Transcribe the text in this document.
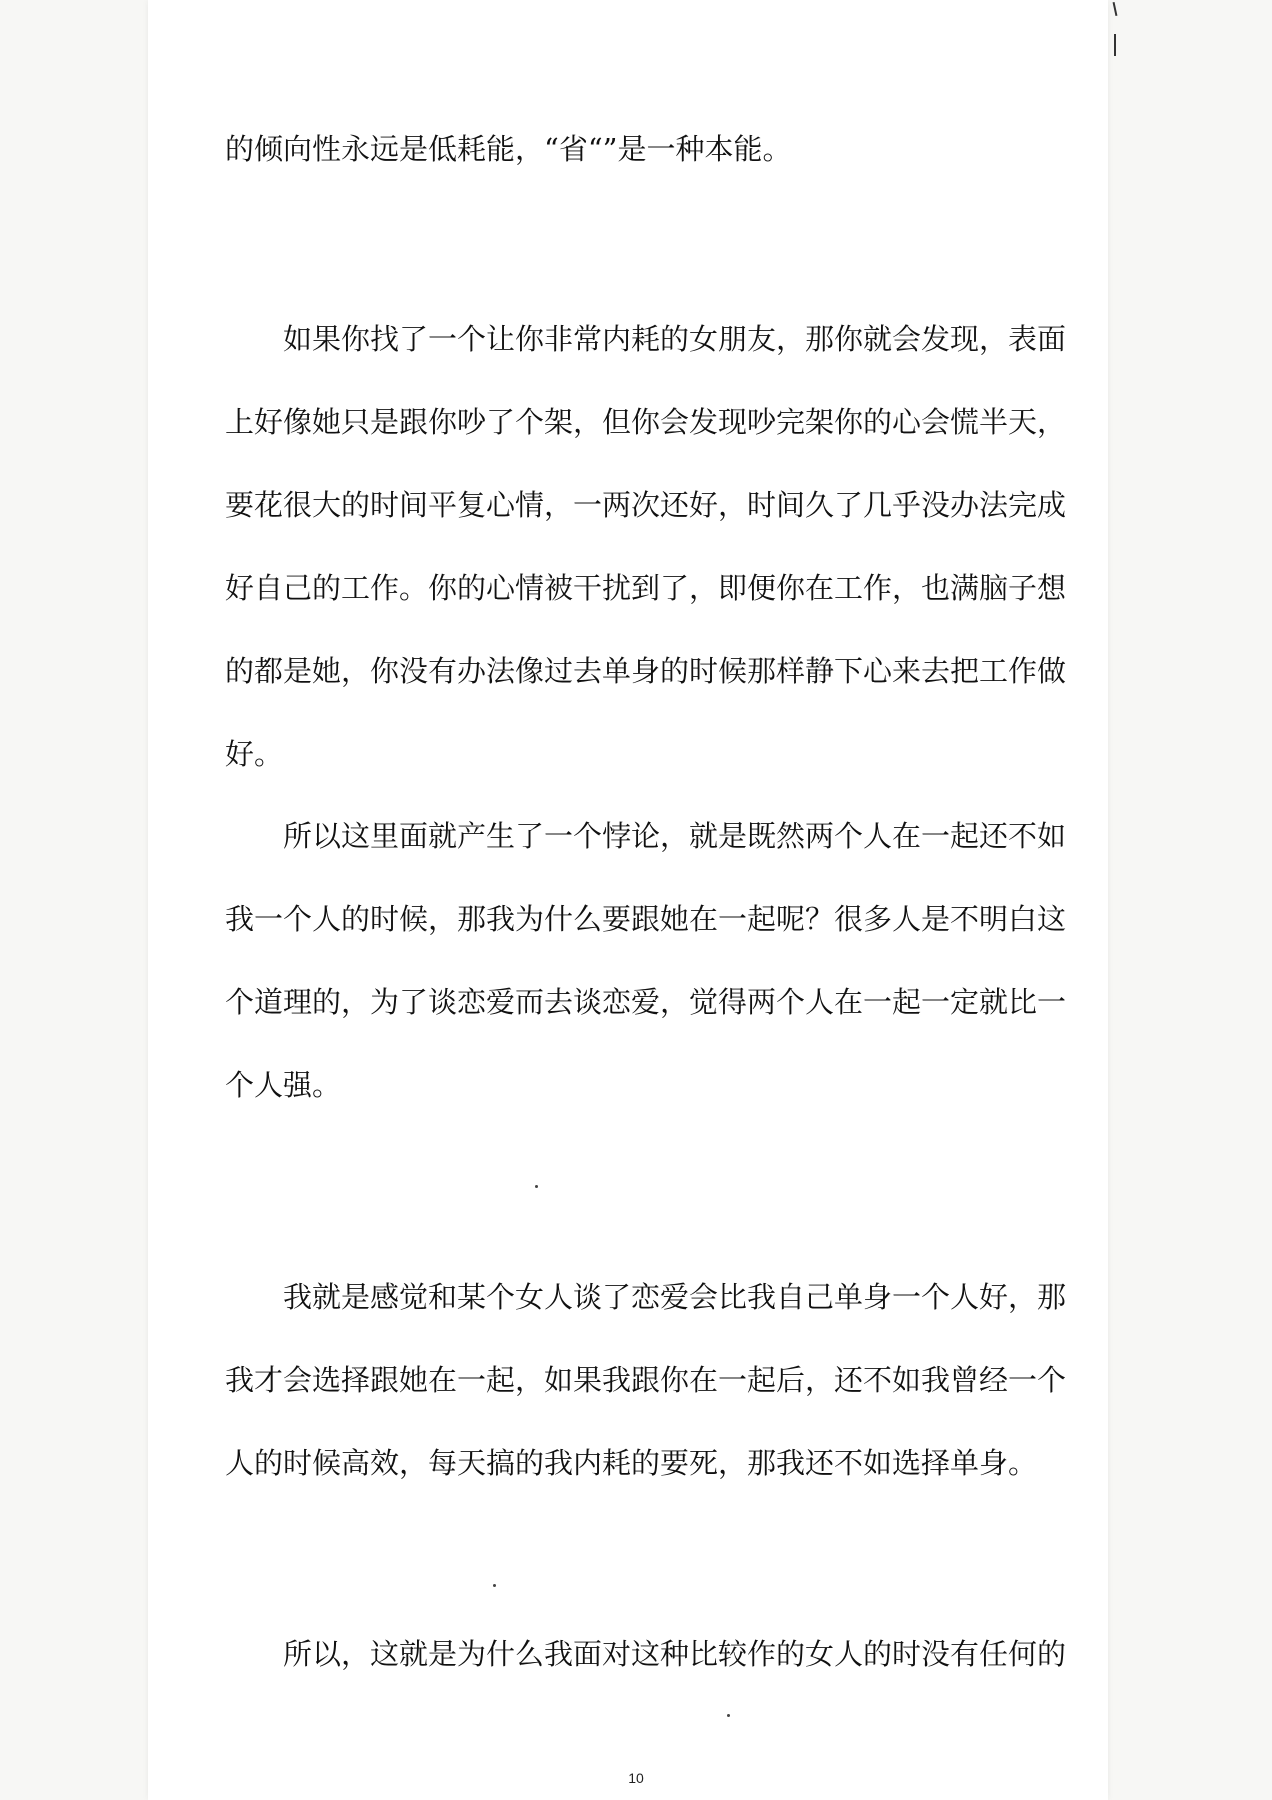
的倾向性永远是低耗能，“省“”是一种本能。

如果你找了一个让你非常内耗的女朋友，那你就会发现，表面
上好像她只是跟你吵了个架，但你会发现吵完架你的心会慌半天，
要花很大的时间平复心情，一两次还好，时间久了几乎没办法完成
好自己的工作。你的心情被干扰到了，即便你在工作，也满脑子想
的都是她，你没有办法像过去单身的时候那样静下心来去把工作做
好。

所以这里面就产生了一个悖论，就是既然两个人在一起还不如
我一个人的时候，那我为什么要跟她在一起呢？很多人是不明白这
个道理的，为了谈恋爱而去谈恋爱，觉得两个人在一起一定就比一
个人强。

我就是感觉和某个女人谈了恋爱会比我自己单身一个人好，那
我才会选择跟她在一起，如果我跟你在一起后，还不如我曾经一个
人的时候高效，每天搞的我内耗的要死，那我还不如选择单身。

所以，这就是为什么我面对这种比较作的女人的时没有任何的

10
